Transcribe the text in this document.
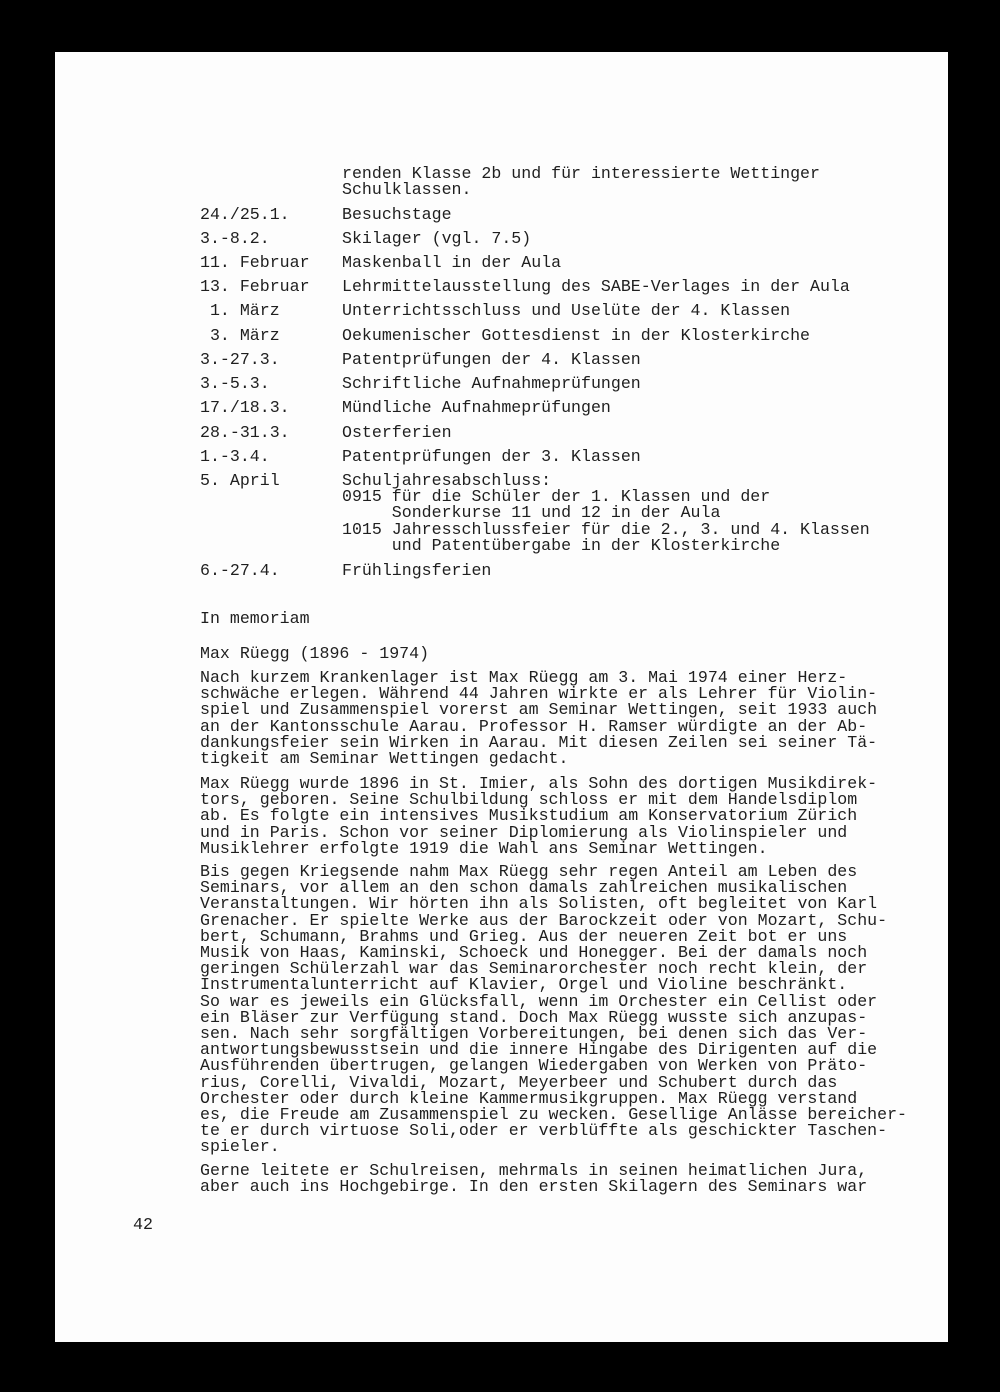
renden Klasse 2b und für interessierte Wettinger
Schulklassen.
24./25.1.	Besuchstage
3.-8.2.	Skilager (vgl. 7.5)
11. Februar Maskenball in der Aula
13. Februar Lehrmittelausstellung des SABE-Verlages in der Aula
1. März	Unterrichtsschluss und Uselüte der 4. Klassen
3. März	Oekumenischer Gottesdienst in der Klosterkirche
3.-27.3.	Patentprüfungen der 4. Klassen
3.-5.3.	Schriftliche Aufnahmeprüfungen
17./18.3.	Mündliche Aufnahmeprüfungen
28.-31.3.	Osterferien
1.-3.4.	Patentprüfungen der 3. Klassen
5. April	Schuljahresabschluss:
0915 für die Schüler der 1. Klassen und der
Sonderkurse 11 und 12 in der Aula
1015 Jahresschlussfeier für die 2., 3. und 4. Klassen
und Patentübergabe in der Klosterkirche
6.-27.4.	Frühlingsferien
In memoriam
Max Rüegg (1896 - 1974)
Nach kurzem Krankenlager ist Max Rüegg am 3. Mai 1974 einer Herz-
schwäche erlegen. Während 44 Jahren wirkte er als Lehrer für Violin-
spiel und Zusammenspiel vorerst am Seminar Wettingen, seit 1933 auch
an der Kantonsschule Aarau. Professor H. Ramser würdigte an der Ab-
dankungsfeier sein Wirken in Aarau. Mit diesen Zeilen sei seiner Tä-
tigkeit am Seminar Wettingen gedacht.
Max Rüegg wurde 1896 in St. Imier, als Sohn des dortigen Musikdirek-
tors, geboren. Seine Schulbildung schloss er mit dem Handelsdiplom
ab. Es folgte ein intensives Musikstudium am Konservatorium Zürich
und in Paris. Schon vor seiner Diplomierung als Violinspieler und
Musiklehrer erfolgte 1919 die Wahl ans Seminar Wettingen.
Bis gegen Kriegsende nahm Max Rüegg sehr regen Anteil am Leben des
Seminars, vor allem an den schon damals zahlreichen musikalischen
Veranstaltungen. Wir hörten ihn als Solisten, oft begleitet von Karl
Grenacher. Er spielte Werke aus der Barockzeit oder von Mozart, Schu-
bert, Schumann, Brahms und Grieg. Aus der neueren Zeit bot er uns
Musik von Haas, Kaminski, Schoeck und Honegger. Bei der damals noch
geringen Schülerzahl war das Seminarorchester noch recht klein, der
Instrumentalunterricht auf Klavier, Orgel und Violine beschränkt.
So war es jeweils ein Glücksfall, wenn im Orchester ein Cellist oder
ein Bläser zur Verfügung stand. Doch Max Rüegg wusste sich anzupas-
sen. Nach sehr sorgfältigen Vorbereitungen, bei denen sich das Ver-
antwortungsbewusstsein und die innere Hingabe des Dirigenten auf die
Ausführenden übertrugen, gelangen Wiedergaben von Werken von Präto-
rius, Corelli, Vivaldi, Mozart, Meyerbeer und Schubert durch das
Orchester oder durch kleine Kammermusikgruppen. Max Rüegg verstand
es, die Freude am Zusammenspiel zu wecken. Gesellige Anlässe bereicher-
te er durch virtuose Soli,oder er verblüffte als geschickter Taschen-
spieler.
Gerne leitete er Schulreisen, mehrmals in seinen heimatlichen Jura,
aber auch ins Hochgebirge. In den ersten Skilagern des Seminars war
42
